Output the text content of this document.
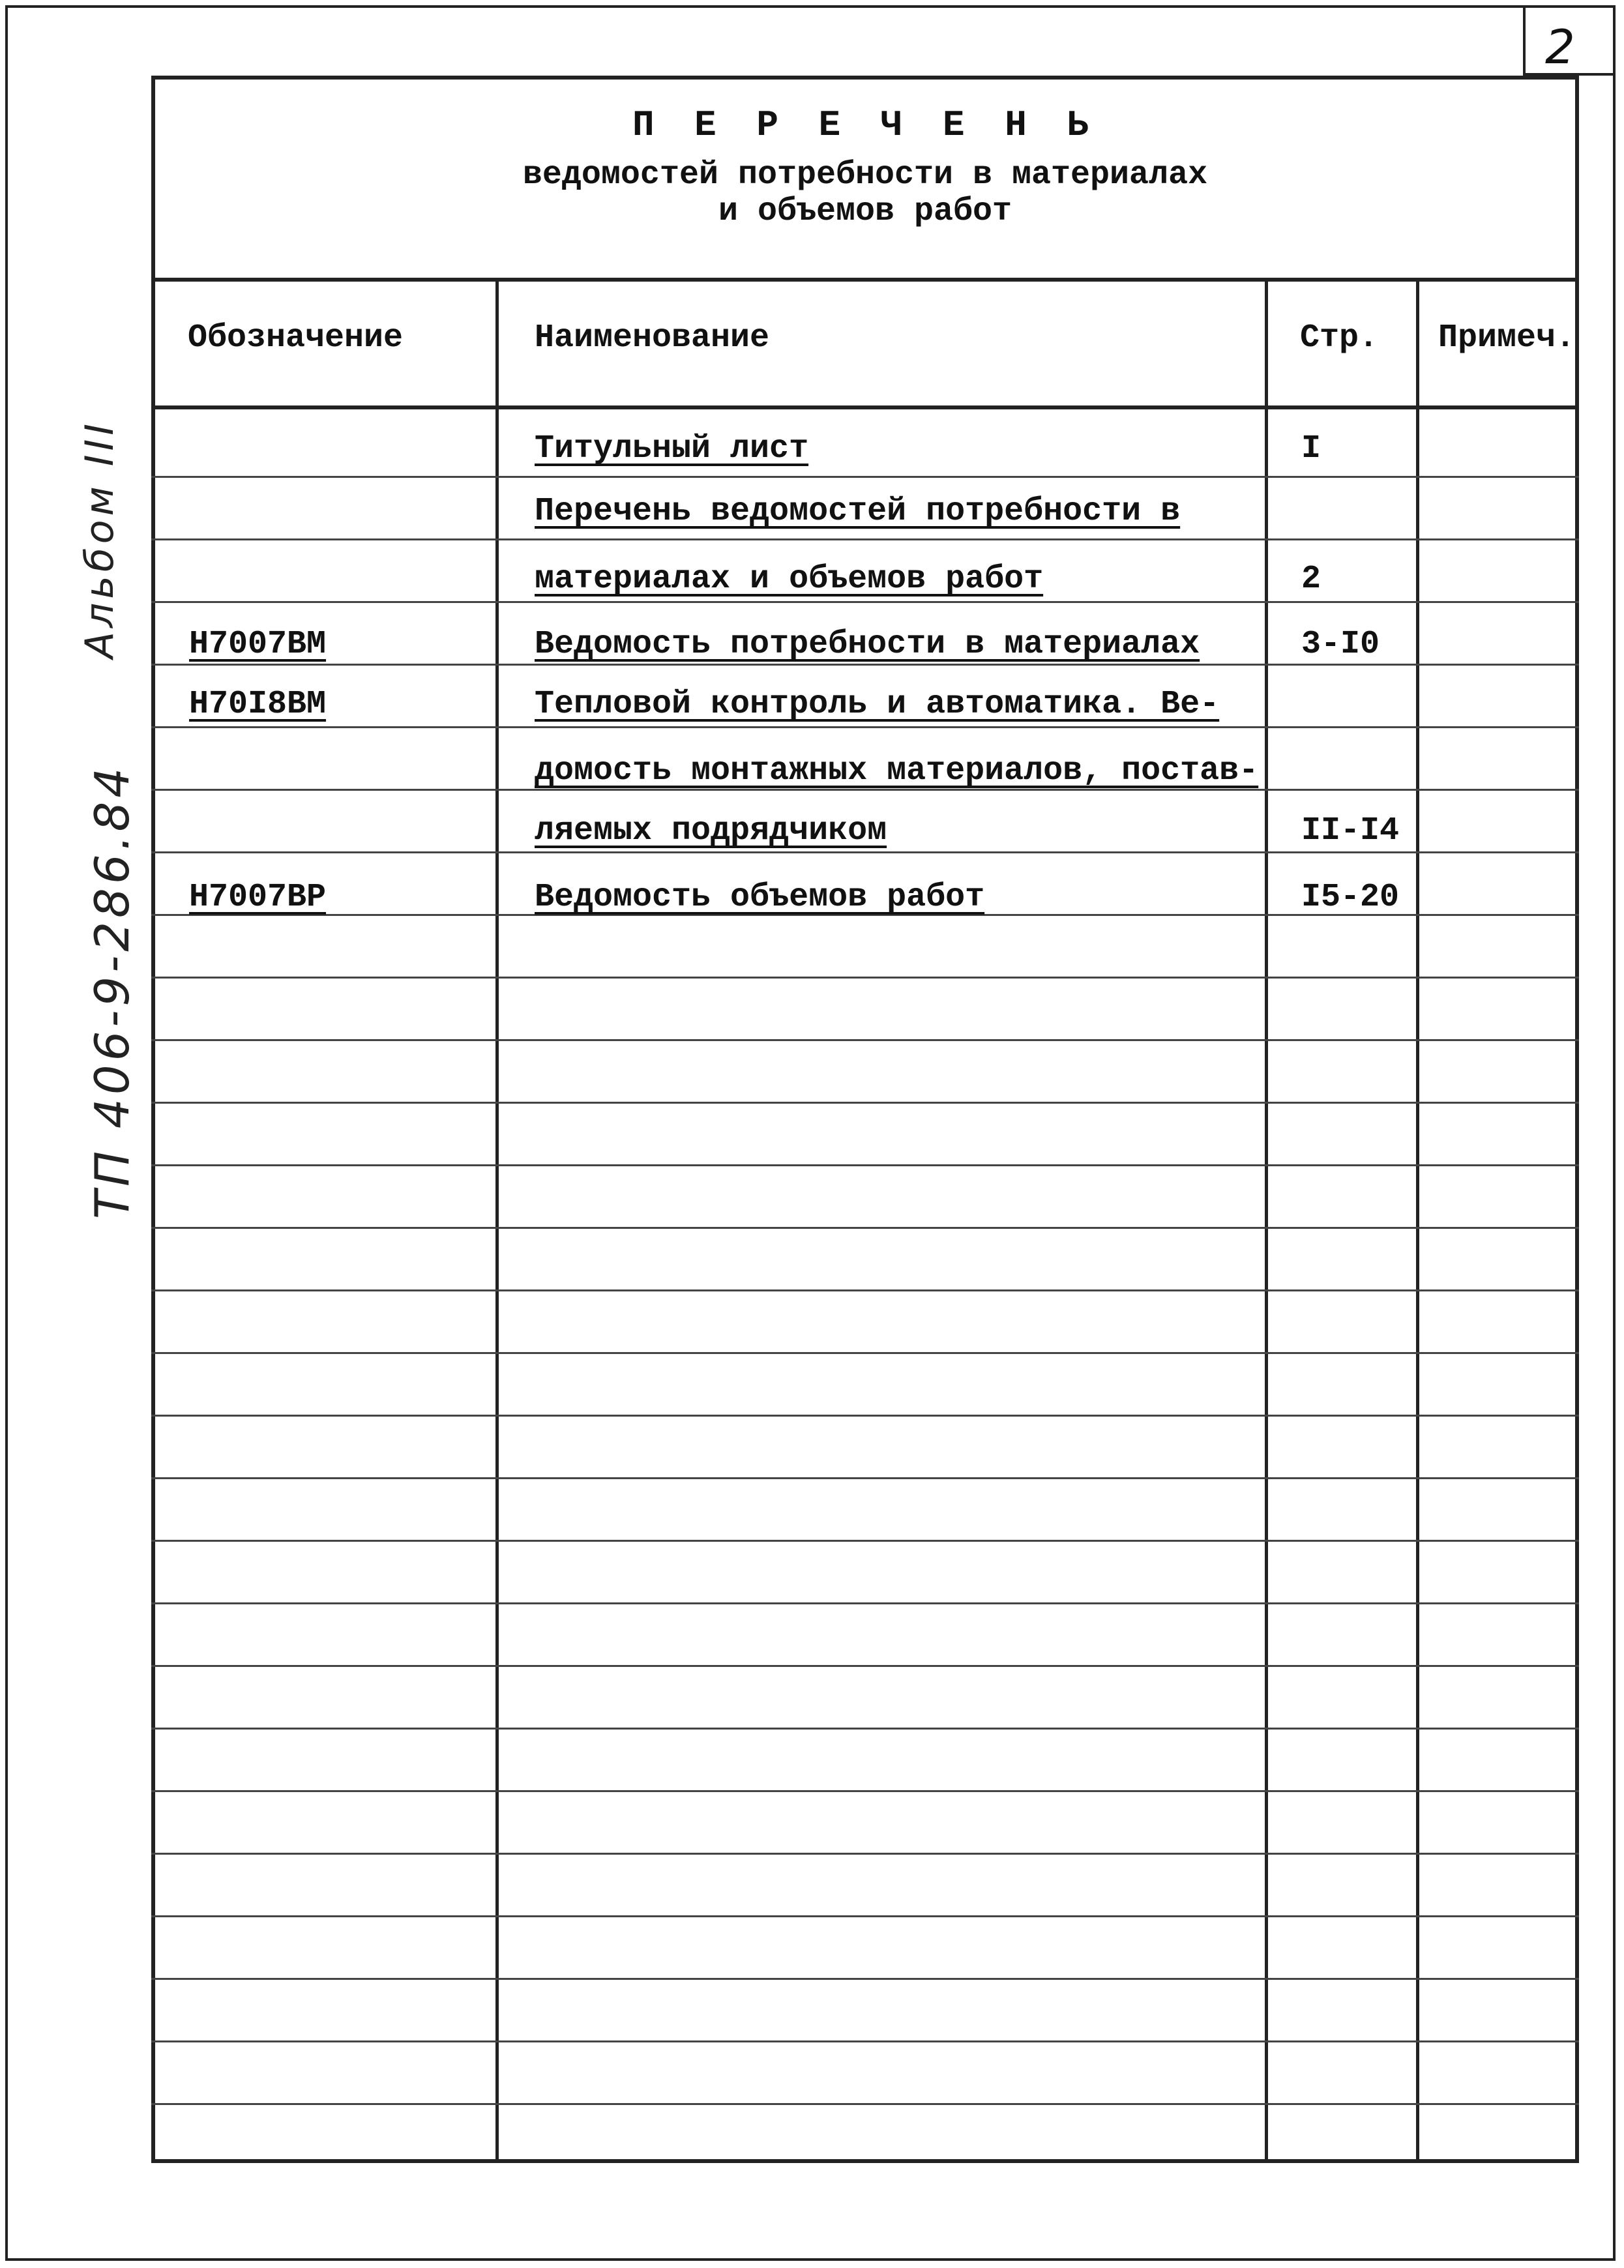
2
Альбом III
ТП 406-9-286.84
П Е Р Е Ч Е Н Ь
ведомостей потребности в материалах
и объемов работ
Обозначение	Наименование	Стр. Примеч.
Титульный лист	I
Перечень ведомостей потребности в
материалах и объемов работ	2
Н7007ВМ	Ведомость потребности в материалах	3-I0
Н70I8ВМ	Тепловой контроль и автоматика. Ве-
домость монтажных материалов, постав-
ляемых подрядчиком	II-I4
Н7007ВР	Ведомость объемов работ	I5-20
